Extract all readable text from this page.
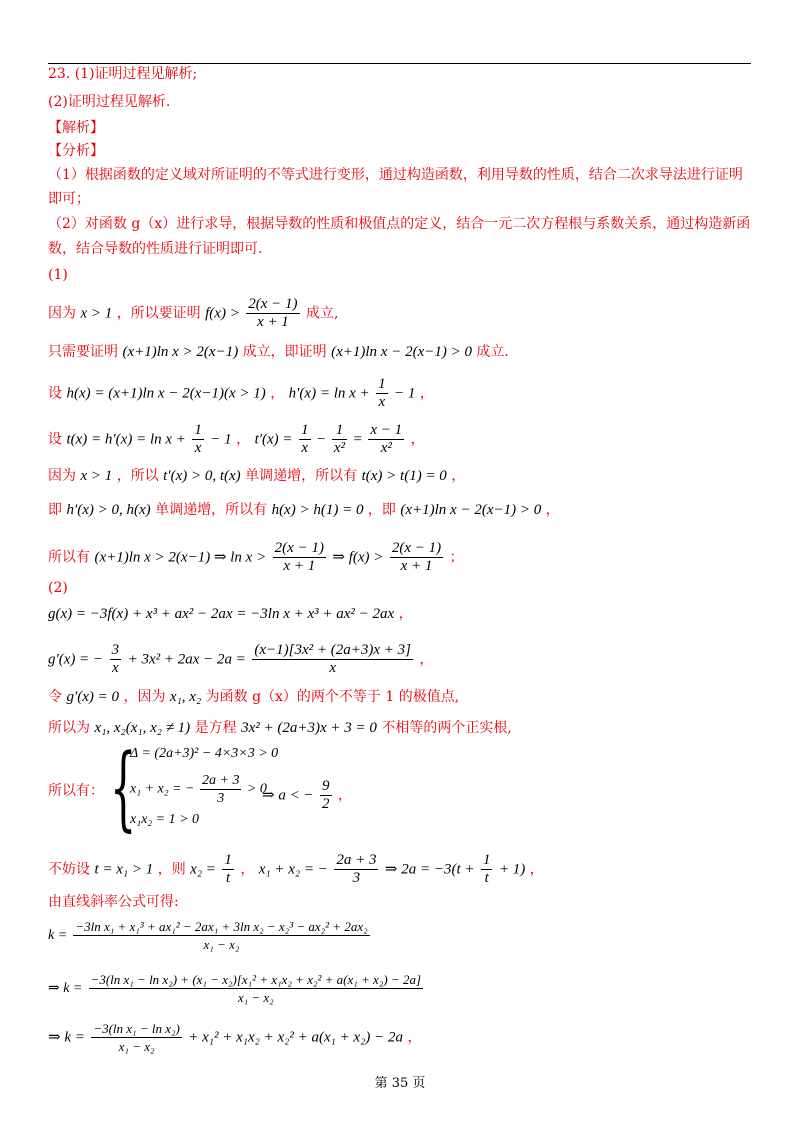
23. (1)证明过程见解析;
(2)证明过程见解析.
【解析】
【分析】
（1）根据函数的定义域对所证明的不等式进行变形，通过构造函数，利用导数的性质，结合二次求导法进行证明
即可；
（2）对函数 g（x）进行求导，根据导数的性质和极值点的定义，结合一元二次方程根与系数关系，通过构造新函
数，结合导数的性质进行证明即可.
(1)
因为 x > 1 ，所以要证明 $f(x) > \frac{2(x - 1)}{x + 1}$ 成立,
只需要证明 (x+1)ln x > 2(x−1) 成立，即证明 (x+1)ln x − 2(x−1) > 0 成立.
设 h(x) = (x+1)ln x − 2(x−1)(x > 1) ， $h'(x) = \ln x + \frac{1}{x} - 1$ ，
设 $t(x) = h'(x) = \ln x + \frac{1}{x} - 1$ ， $t'(x) = \frac{1}{x} - \frac{1}{\text{x²}} = \frac{x - 1}{\text{x²}}$ ，
因为 x > 1 ，所以 t′(x) > 0, t(x) 单调递增，所以有 t(x) > t(1) = 0 ，
即 h′(x) > 0, h(x) 单调递增，所以有 h(x) > h(1) = 0 ，即 (x+1)ln x − 2(x−1) > 0 ，
所以有 (x+1)ln x > 2(x−1) ⇒ $\ln x > \frac{2(x - 1)}{x + 1}$ ⇒ $f(x) > \frac{2(x - 1)}{x + 1}$ ；
(2)
g(x) = −3f(x) + x³ + ax² − 2ax = −3ln x + x³ + ax² − 2ax ，
g′(x) = − $\frac{3}{x} + 3x^2 + 2ax - 2a = \frac{\text{(x−1)[3x² + (2a+3)x + 3]}}{x}$ ，
令 g′(x) = 0 ，因为 x₁, x₂ 为函数 g（x）的两个不等于 1 的极值点,
所以为 x₁, x₂(x₁, x₂ ≠ 1) 是方程 3x² + (2a+3)x + 3 = 0 不相等的两个正实根,
所以有： {
Δ = (2a+3)² − 4×3×3 > 0
x₁ + x₂ = − $\frac{2a + 3}{3} > 0$
x₁x₂ = 1 > 0
⇒ a < − $\frac{9}{2}$ ，
不妨设 t = x₁ > 1 ，则 $x_2 = \frac{1}{t}$ ， x₁ + x₂ = − $\frac{2a + 3}{3}$ ⇒ $2a = -3(t + \frac{1}{t} + 1)$ ，
由直线斜率公式可得:
$k = \frac{\text{−3ln x₁ + x₁³ + ax₁² − 2ax₁ + 3ln x₂ − x₂³ − ax₂² + 2ax₂}}{\text{x₁ − x₂}}$
⇒ k =
−3(ln x₁ − ln x₂) + (x₁ − x₂)[x₁² + x₁x₂ + x₂² + a(x₁ + x₂) − 2a]
x₁ − x₂
⇒ $k = \frac{\text{−3(ln x₁ − ln x₂)}}{\text{x₁ − x₂}} + x_1^2 + x_1x_2 + x_2^2 + a(x_1 + x_2) - 2a$ ，
第 35 页
